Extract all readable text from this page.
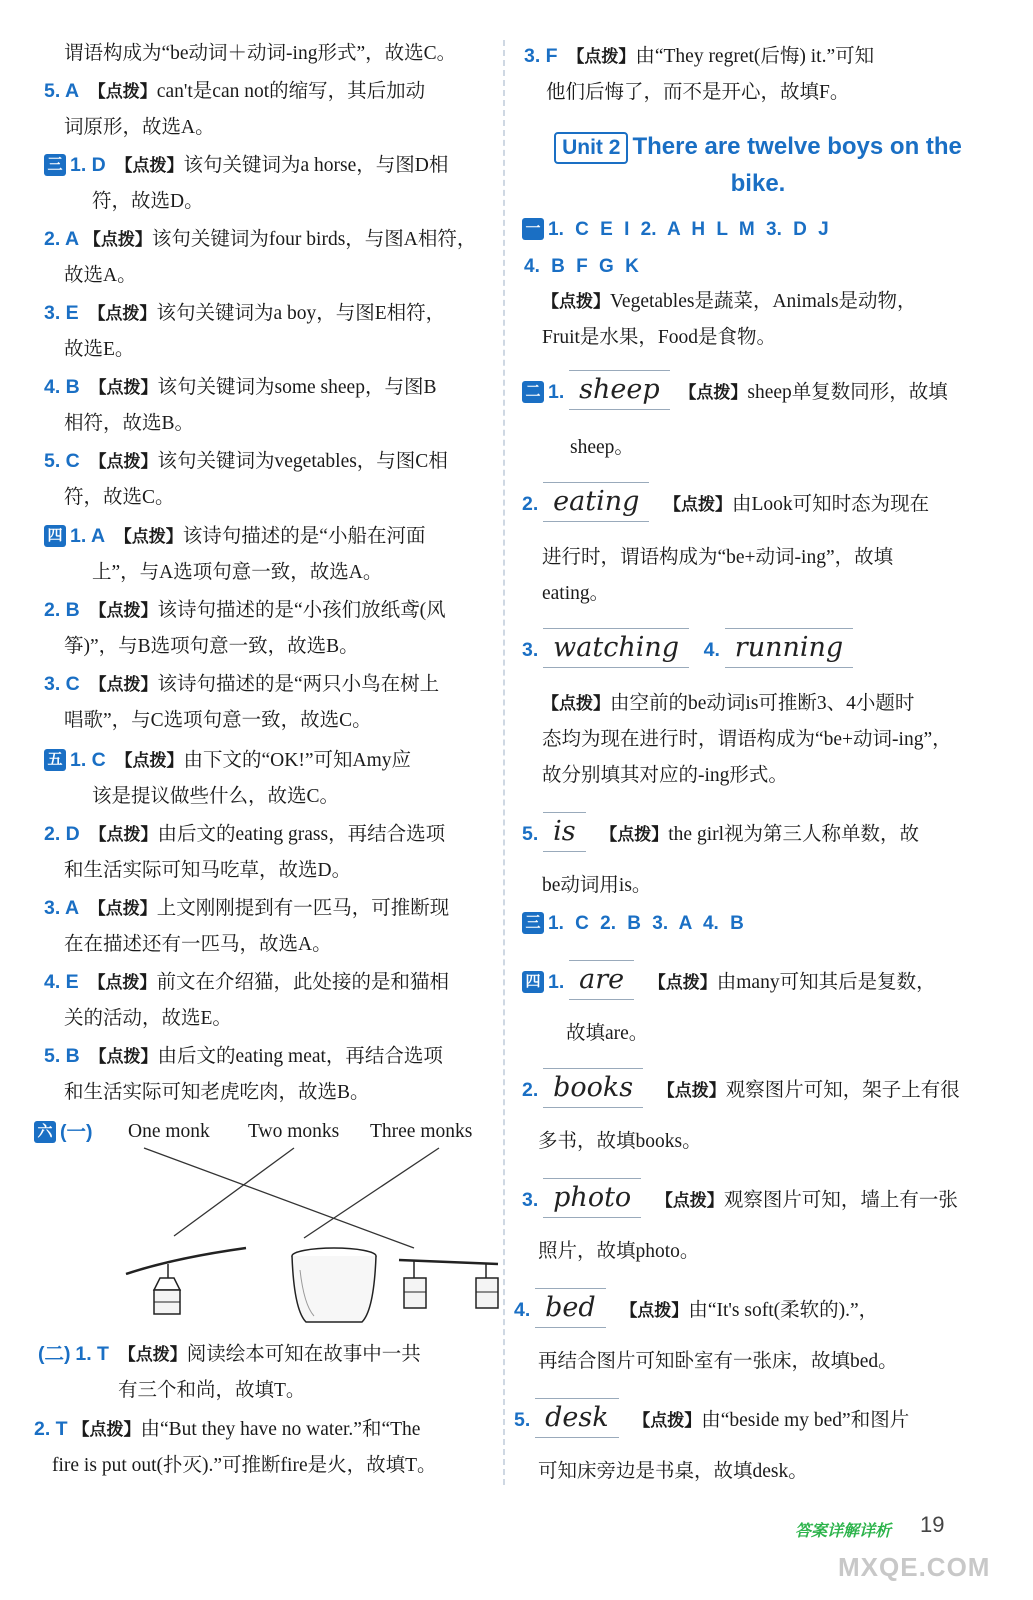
谓语构成为“be动词＋动词-ing形式”，故选C。
5. A 【点拨】can't是can not的缩写，其后加动
词原形，故选A。
三 1. D 【点拨】该句关键词为a horse，与图D相
符，故选D。
2. A 【点拨】该句关键词为four birds，与图A相符，
故选A。
3. E 【点拨】该句关键词为a boy，与图E相符，
故选E。
4. B 【点拨】该句关键词为some sheep，与图B
相符，故选B。
5. C 【点拨】该句关键词为vegetables，与图C相
符，故选C。
四 1. A 【点拨】该诗句描述的是“小船在河面
上”，与A选项句意一致，故选A。
2. B 【点拨】该诗句描述的是“小孩们放纸鸢(风
筝)”，与B选项句意一致，故选B。
3. C 【点拨】该诗句描述的是“两只小鸟在树上
唱歌”，与C选项句意一致，故选C。
五 1. C 【点拨】由下文的“OK!”可知Amy应
该是提议做些什么，故选C。
2. D 【点拨】由后文的eating grass，再结合选项
和生活实际可知马吃草，故选D。
3. A 【点拨】上文刚刚提到有一匹马，可推断现
在在描述还有一匹马，故选A。
4. E 【点拨】前文在介绍猫，此处接的是和猫相
关的活动，故选E。
5. B 【点拨】由后文的eating meat，再结合选项
和生活实际可知老虎吃肉，故选B。
六 (一) One monk Two monks Three monks
(二) 1. T 【点拨】阅读绘本可知在故事中一共
有三个和尚，故填T。
2. T 【点拨】由“But they have no water.”和“The
fire is put out(扑灭).”可推断fire是火，故填T。
3. F 【点拨】由“They regret(后悔) it.”可知
他们后悔了，而不是开心，故填F。
Unit 2 There are twelve boys on the
bike.
一 1. C E I 2. A H L M 3. D J
4. B F G K
【点拨】Vegetables是蔬菜，Animals是动物，
Fruit是水果，Food是食物。
二 1. sheep 【点拨】sheep单复数同形，故填
sheep。
2. eating 【点拨】由Look可知时态为现在
进行时，谓语构成为“be+动词-ing”，故填
eating。
3. watching 4. running
【点拨】由空前的be动词is可推断3、4小题时
态均为现在进行时，谓语构成为“be+动词-ing”，
故分别填其对应的-ing形式。
5. is 【点拨】the girl视为第三人称单数，故
be动词用is。
三 1. C 2. B 3. A 4. B
四 1. are 【点拨】由many可知其后是复数，
故填are。
2. books 【点拨】观察图片可知，架子上有很
多书，故填books。
3. photo 【点拨】观察图片可知，墙上有一张
照片，故填photo。
4. bed 【点拨】由“It's soft(柔软的).”，
再结合图片可知卧室有一张床，故填bed。
5. desk 【点拨】由“beside my bed”和图片
可知床旁边是书桌，故填desk。
答案详解详析 19
MXQE.COM
